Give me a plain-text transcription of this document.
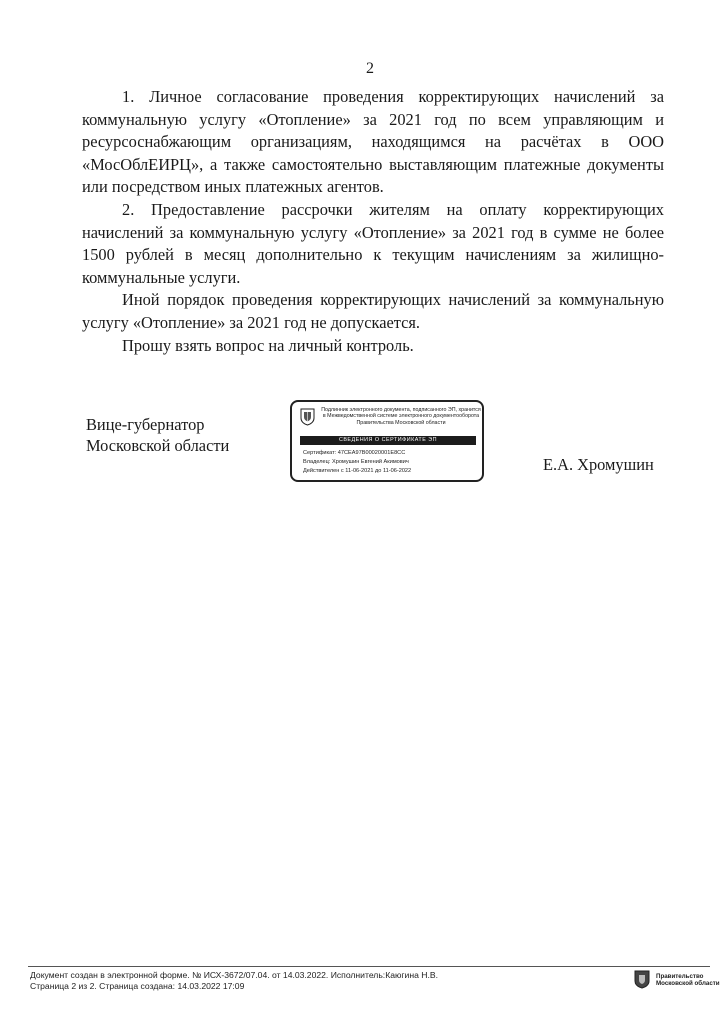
2

1. Личное согласование проведения корректирующих начислений за коммунальную услугу «Отопление» за 2021 год по всем управляющим и ресурсоснабжающим организациям, находящимся на расчётах в ООО «МосОблЕИРЦ», а также самостоятельно выставляющим платежные документы или посредством иных платежных агентов.

2. Предоставление рассрочки жителям на оплату корректирующих начислений за коммунальную услугу «Отопление» за 2021 год в сумме не более 1500 рублей в месяц дополнительно к текущим начислениям за жилищно-коммунальные услуги.

Иной порядок проведения корректирующих начислений за коммунальную услугу «Отопление» за 2021 год не допускается.

Прошу взять вопрос на личный контроль.

Вице-губернатор
Московской области
Подлинник электронного документа, подписанного ЭП, хранится в Межведомственной системе электронного документооборота Правительства Московской области
СВЕДЕНИЯ О СЕРТИФИКАТЕ ЭП
Сертификат: 47CEA97B00020001E8CC
Владелец: Хромушин Евгений Акимович
Действителен с 11-06-2021 до 11-06-2022	Е.А. Хромушин
Документ создан в электронной форме. № ИСХ-3672/07.04. от 14.03.2022. Исполнитель:Каюгина Н.В.
Страница 2 из 2. Страница создана: 14.03.2022 17:09
Правительство
Московской области
